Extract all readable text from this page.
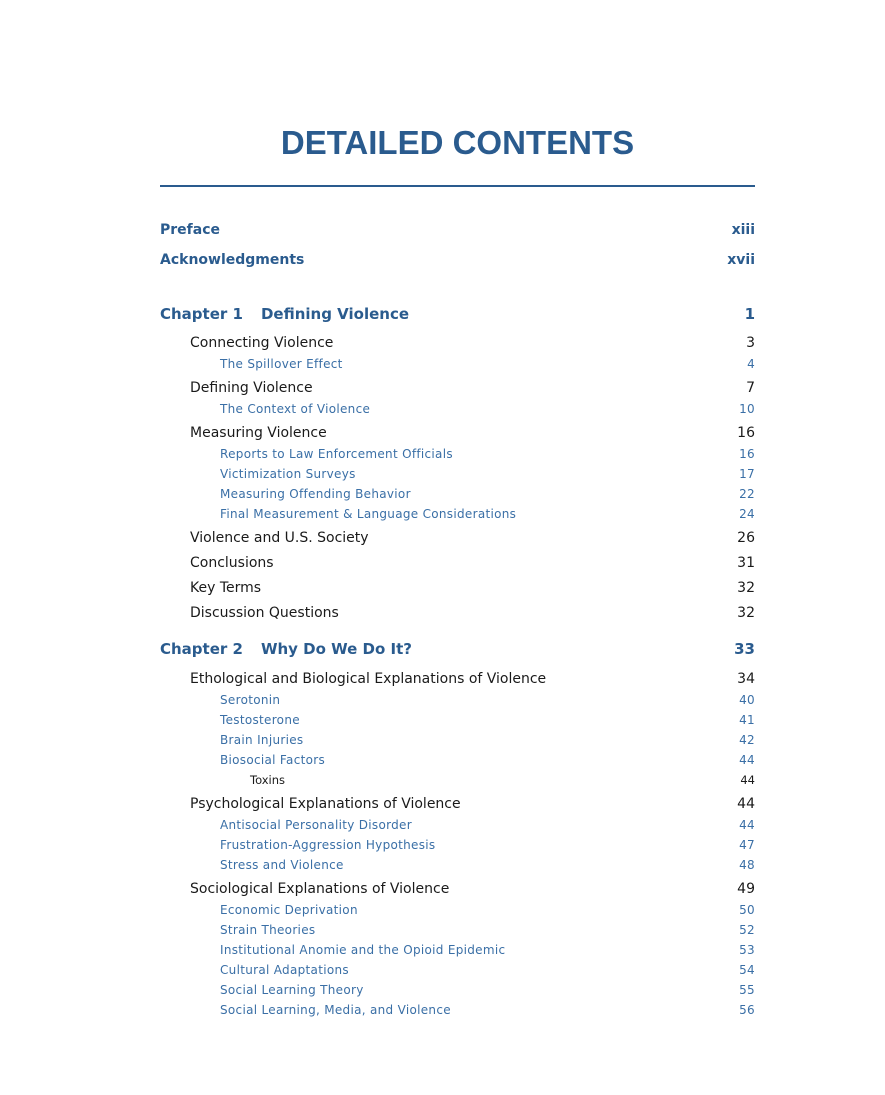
DETAILED CONTENTS
Preface	xiii
Acknowledgments	xvii
Chapter 1 Defining Violence	1
Connecting Violence	3
The Spillover Effect	4
Defining Violence	7
The Context of Violence	10
Measuring Violence	16
Reports to Law Enforcement Officials	16
Victimization Surveys	17
Measuring Offending Behavior	22
Final Measurement & Language Considerations	24
Violence and U.S. Society	26
Conclusions	31
Key Terms	32
Discussion Questions	32
Chapter 2 Why Do We Do It?	33
Ethological and Biological Explanations of Violence	34
Serotonin	40
Testosterone	41
Brain Injuries	42
Biosocial Factors	44
Toxins	44
Psychological Explanations of Violence	44
Antisocial Personality Disorder	44
Frustration-Aggression Hypothesis	47
Stress and Violence	48
Sociological Explanations of Violence	49
Economic Deprivation	50
Strain Theories	52
Institutional Anomie and the Opioid Epidemic	53
Cultural Adaptations	54
Social Learning Theory	55
Social Learning, Media, and Violence	56
